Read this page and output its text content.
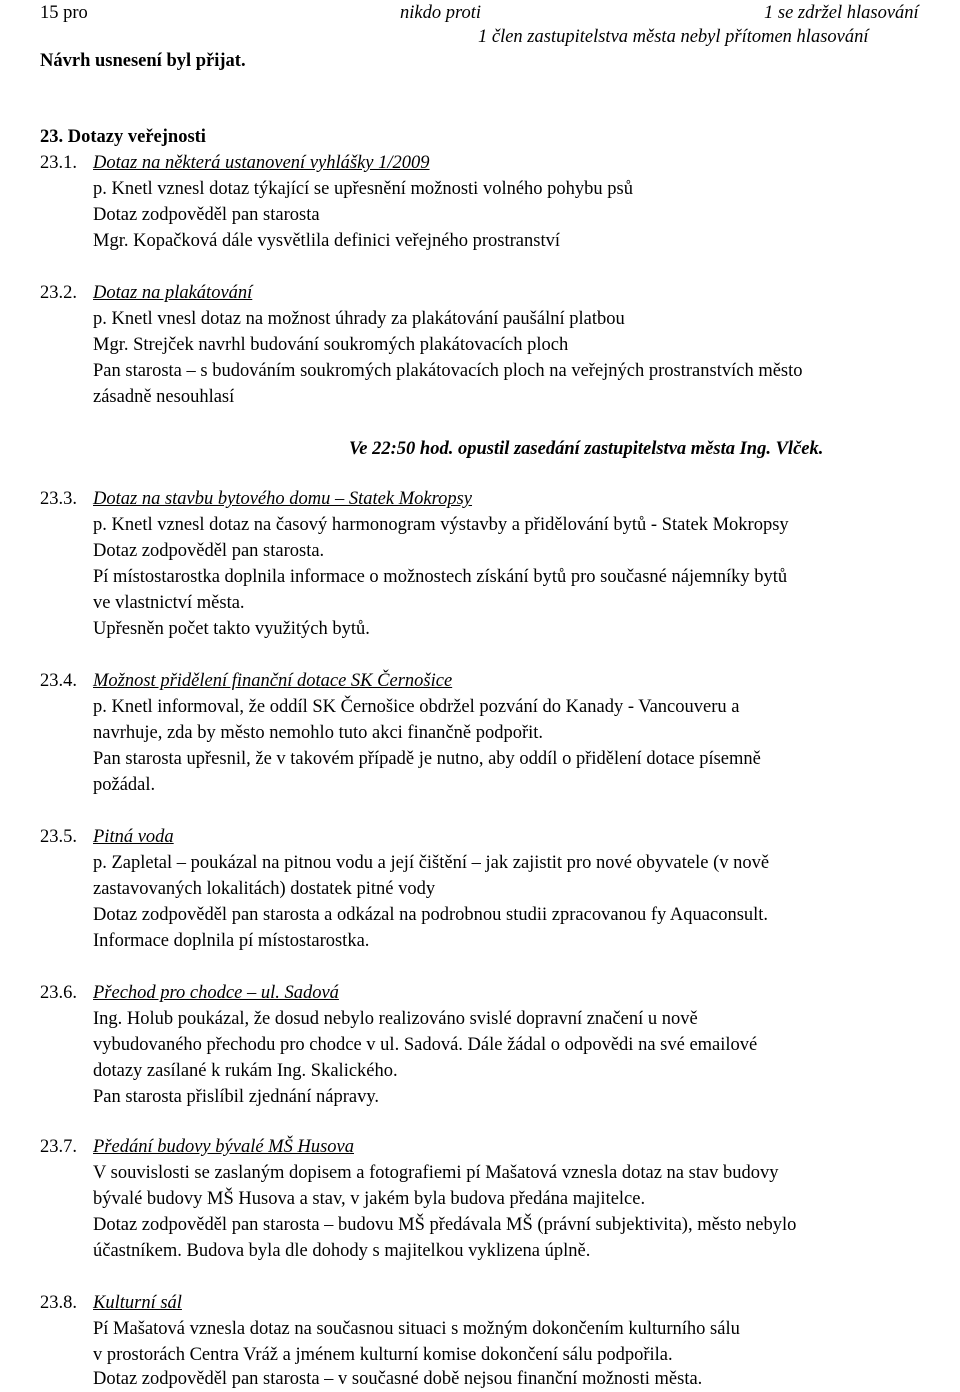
15 pro	nikdo proti	1 se zdržel hlasování
1 člen zastupitelstva města nebyl přítomen hlasování
Návrh usnesení byl přijat.
23. Dotazy veřejnosti
23.1. Dotaz na některá ustanovení vyhlášky 1/2009
p. Knetl vznesl dotaz týkající se upřesnění možnosti volného pohybu psů
Dotaz zodpověděl pan starosta
Mgr. Kopačková dále vysvětlila definici veřejného prostranství
23.2. Dotaz na plakátování
p. Knetl vnesl dotaz na možnost úhrady za plakátování paušální platbou
Mgr. Strejček navrhl budování soukromých plakátovacích ploch
Pan starosta – s budováním soukromých plakátovacích ploch na veřejných prostranstvích město
zásadně nesouhlasí
Ve 22:50 hod. opustil zasedání zastupitelstva města Ing. Vlček.
23.3. Dotaz na stavbu bytového domu – Statek Mokropsy
p. Knetl vznesl dotaz na časový harmonogram výstavby a přidělování bytů - Statek Mokropsy
Dotaz zodpověděl pan starosta.
Pí místostarostka doplnila informace o možnostech získání bytů pro současné nájemníky bytů
ve vlastnictví města.
Upřesněn počet takto využitých bytů.
23.4. Možnost přidělení finanční dotace SK Černošice
p. Knetl informoval, že oddíl SK Černošice obdržel pozvání do Kanady - Vancouveru a
navrhuje, zda by město nemohlo tuto akci finančně podpořit.
Pan starosta upřesnil, že v takovém případě je nutno, aby oddíl o přidělení dotace písemně
požádal.
23.5. Pitná voda
p. Zapletal – poukázal na pitnou vodu a její čištění – jak zajistit pro nové obyvatele (v nově
zastavovaných lokalitách) dostatek pitné vody
Dotaz zodpověděl pan starosta a odkázal na podrobnou studii zpracovanou fy Aquaconsult.
Informace doplnila pí místostarostka.
23.6. Přechod pro chodce – ul. Sadová
Ing. Holub poukázal, že dosud nebylo realizováno svislé dopravní značení u nově
vybudovaného přechodu pro chodce v ul. Sadová. Dále žádal o odpovědi na své emailové
dotazy zasílané k rukám Ing. Skalického.
Pan starosta přislíbil zjednání nápravy.
23.7. Předání budovy bývalé MŠ Husova
V souvislosti se zaslaným dopisem a fotografiemi pí Mašatová vznesla dotaz na stav budovy
bývalé budovy MŠ Husova a stav, v jakém byla budova předána majitelce.
Dotaz zodpověděl pan starosta – budovu MŠ předávala MŠ (právní subjektivita), město nebylo
účastníkem. Budova byla dle dohody s majitelkou vyklizena úplně.
23.8. Kulturní sál
Pí Mašatová vznesla dotaz na současnou situaci s možným dokončením kulturního sálu
v prostorách Centra Vráž a jménem kulturní komise dokončení sálu podpořila.
Dotaz zodpověděl pan starosta – v současné době nejsou finanční možnosti města.
